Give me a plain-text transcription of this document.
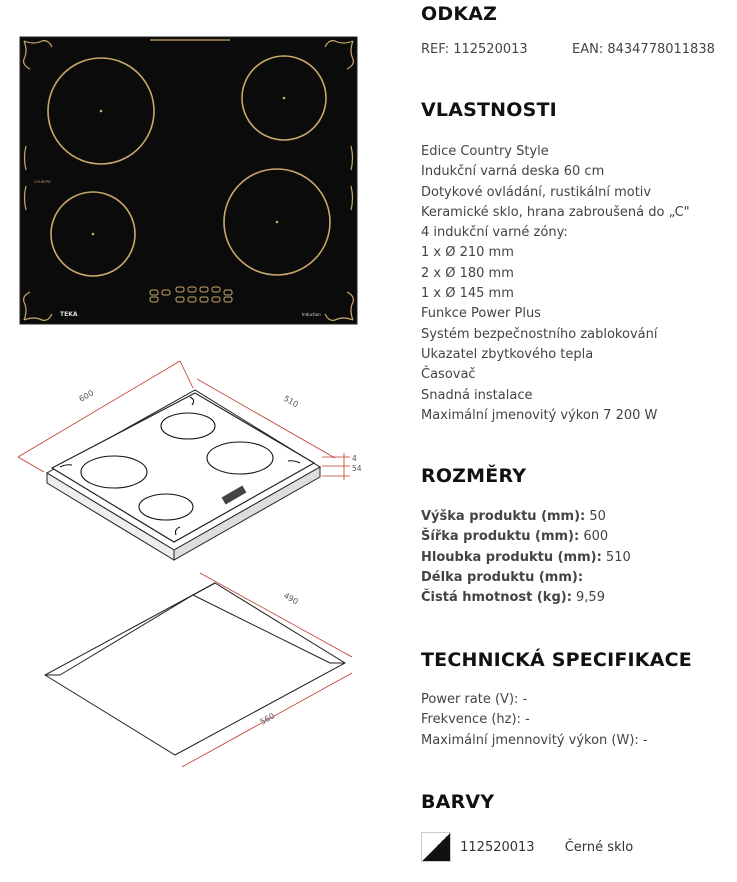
TEKA	Induction
COUNTRY
600	510
4
54
490
560
ODKAZ
REF: 112520013	EAN: 8434778011838
VLASTNOSTI
Edice Country Style
Indukční varná deska 60 cm
Dotykové ovládání, rustikální motiv
Keramické sklo, hrana zabroušená do „C"
4 indukční varné zóny:
1 x Ø 210 mm
2 x Ø 180 mm
1 x Ø 145 mm
Funkce Power Plus
Systém bezpečnostního zablokování
Ukazatel zbytkového tepla
Časovač
Snadná instalace
Maximální jmenovitý výkon 7 200 W
ROZMĚRY
Výška produktu (mm): 50
Šířka produktu (mm): 600
Hloubka produktu (mm): 510
Délka produktu (mm):
Čistá hmotnost (kg): 9,59
TECHNICKÁ SPECIFIKACE
Power rate (V): -
Frekvence (hz): -
Maximální jmennovitý výkon (W): -
BARVY
112520013 Černé sklo
